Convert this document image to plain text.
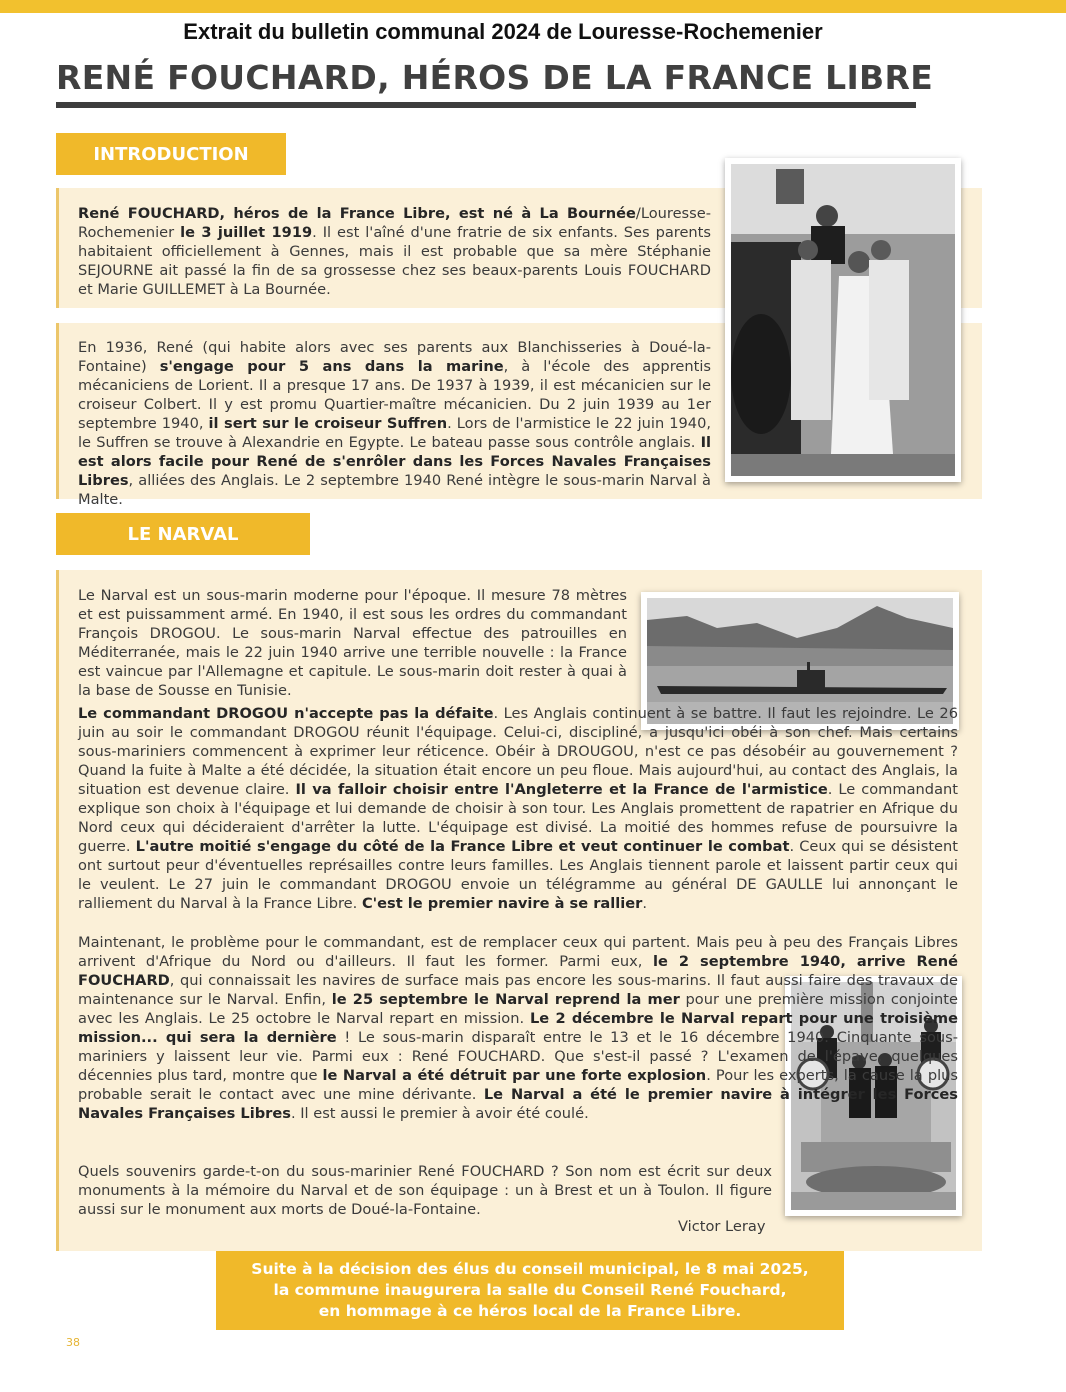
Extrait du bulletin communal 2024 de Louresse-Rochemenier
RENÉ FOUCHARD, HÉROS DE LA FRANCE LIBRE
INTRODUCTION

René FOUCHARD, héros de la France Libre, est né à La Bournée/Louresse-Rochemenier le 3 juillet 1919. Il est l'aîné d'une fratrie de six enfants. Ses parents habitaient officiellement à Gennes, mais il est probable que sa mère Stéphanie SEJOURNE ait passé la fin de sa grossesse chez ses beaux-parents Louis FOUCHARD et Marie GUILLEMET à La Bournée.

En 1936, René (qui habite alors avec ses parents aux Blanchisseries à Doué-la-Fontaine) s'engage pour 5 ans dans la marine, à l'école des apprentis mécaniciens de Lorient. Il a presque 17 ans. De 1937 à 1939, il est mécanicien sur le croiseur Colbert. Il y est promu Quartier-maître mécanicien. Du 2 juin 1939 au 1er septembre 1940, il sert sur le croiseur Suffren. Lors de l'armistice le 22 juin 1940, le Suffren se trouve à Alexandrie en Egypte. Le bateau passe sous contrôle anglais. Il est alors facile pour René de s'enrôler dans les Forces Navales Françaises Libres, alliées des Anglais. Le 2 septembre 1940 René intègre le sous-marin Narval à Malte.

LE NARVAL

Le Narval est un sous-marin moderne pour l'époque. Il mesure 78 mètres et est puissamment armé. En 1940, il est sous les ordres du commandant François DROGOU. Le sous-marin Narval effectue des patrouilles en Méditerranée, mais le 22 juin 1940 arrive une terrible nouvelle : la France est vaincue par l'Allemagne et capitule. Le sous-marin doit rester à quai à la base de Sousse en Tunisie.

Le commandant DROGOU n'accepte pas la défaite. Les Anglais continuent à se battre. Il faut les rejoindre. Le 26 juin au soir le commandant DROGOU réunit l'équipage. Celui-ci, discipliné, a jusqu'ici obéi à son chef. Mais certains sous-mariniers commencent à exprimer leur réticence. Obéir à DROUGOU, n'est ce pas désobéir au gouvernement ? Quand la fuite à Malte a été décidée, la situation était encore un peu floue. Mais aujourd'hui, au contact des Anglais, la situation est devenue claire. Il va falloir choisir entre l'Angleterre et la France de l'armistice. Le commandant explique son choix à l'équipage et lui demande de choisir à son tour. Les Anglais promettent de rapatrier en Afrique du Nord ceux qui décideraient d'arrêter la lutte. L'équipage est divisé. La moitié des hommes refuse de poursuivre la guerre. L'autre moitié s'engage du côté de la France Libre et veut continuer le combat. Ceux qui se désistent ont surtout peur d'éventuelles représailles contre leurs familles. Les Anglais tiennent parole et laissent partir ceux qui le veulent. Le 27 juin le commandant DROGOU envoie un télégramme au général DE GAULLE lui annonçant le ralliement du Narval à la France Libre. C'est le premier navire à se rallier.

Maintenant, le problème pour le commandant, est de remplacer ceux qui partent. Mais peu à peu des Français Libres arrivent d'Afrique du Nord ou d'ailleurs. Il faut les former. Parmi eux, le 2 septembre 1940, arrive René FOUCHARD, qui connaissait les navires de surface mais pas encore les sous-marins. Il faut aussi faire des travaux de maintenance sur le Narval. Enfin, le 25 septembre le Narval reprend la mer pour une première mission conjointe avec les Anglais. Le 25 octobre le Narval repart en mission. Le 2 décembre le Narval repart pour une troisième mission... qui sera la dernière ! Le sous-marin disparaît entre le 13 et le 16 décembre 1940. Cinquante sous-mariniers y laissent leur vie. Parmi eux : René FOUCHARD. Que s'est-il passé ? L'examen de l'épave, quelques décennies plus tard, montre que le Narval a été détruit par une forte explosion. Pour les experts, la cause la plus probable serait le contact avec une mine dérivante. Le Narval a été le premier navire à intégrer les Forces Navales Françaises Libres. Il est aussi le premier à avoir été coulé.

Quels souvenirs garde-t-on du sous-marinier René FOUCHARD ? Son nom est écrit sur deux monuments à la mémoire du Narval et de son équipage : un à Brest et un à Toulon. Il figure aussi sur le monument aux morts de Doué-la-Fontaine.

Victor Leray
Suite à la décision des élus du conseil municipal, le 8 mai 2025,
la commune inaugurera la salle du Conseil René Fouchard,
en hommage à ce héros local de la France Libre.
38
